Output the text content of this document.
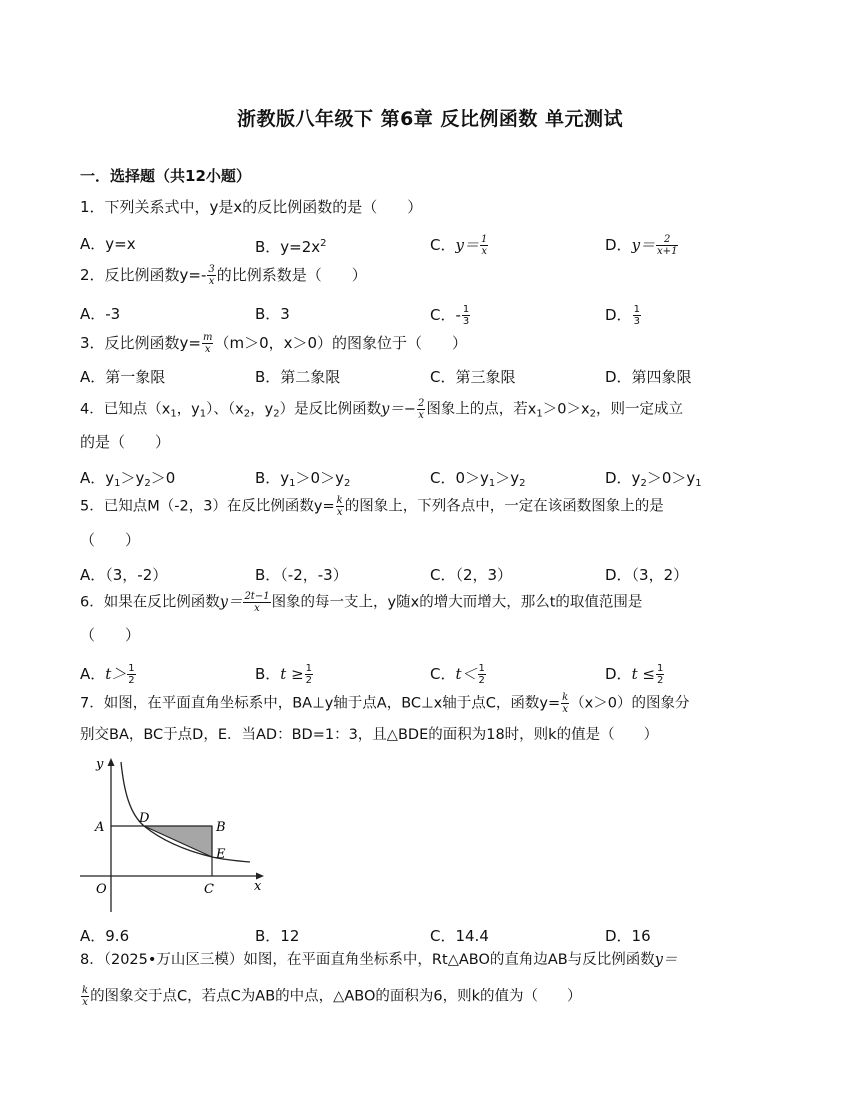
浙教版八年级下 第6章 反比例函数 单元测试
一．选择题（共12小题）
1．下列关系式中，y是x的反比例函数的是（　　）
A．y=x	B．$y=2x^2$	C．$y= \frac{1}{x}$	D．$y= \frac{2}{x+1}$
2．反比例函数$y=- \frac{3}{x}$ 的比例系数是（　　）
A．-3	B．3	C．- $\frac{1}{3}$	D． $\frac{1}{3}$
3．反比例函数$y= \frac{m}{x} (m>0$，x＞0）的图象位于（　　）
A．第一象限	B．第二象限	C．第三象限	D．第四象限
4．已知点（$x_1$，$y_1$）、（$x_2$，$y_2$）是反比例函数$y=- \frac{2}{x}$ 图象上的点，若$x_1>0>x_2$，则一定成立
的是（　　）
A．$y_1>y_2>0$	B．$y_1>0>y_2$	C．$0>y_1>y_2$	D．$y_2>0>y_1$
5．已知点M（-2，3）在反比例函数$y= \frac{k}{x}$ 的图象上，下列各点中，一定在该函数图象上的是
（　　）
A．（3，-2）	B．（-2，-3）	C．（2，3）	D．（3，2）
6．如果在反比例函数$y= \frac{2t-1}{x}$ 图象的每一支上，y随x的增大而增大，那么t的取值范围是
（　　）
A．$t> \frac{1}{2}$	B．$t \ge \frac{1}{2}$	C．$t< \frac{1}{2}$	D．$t \le \frac{1}{2}$
7．如图，在平面直角坐标系中，BA⊥y轴于点A，BC⊥x轴于点C，函数$y= \frac{k}{x} (x>0)$的图象分
别交BA，BC于点D，E．当AD：BD=1：3，且△BDE的面积为18时，则k的值是（　　）
y
x
A
D
B
E
O	C
A．9.6	B．12	C．14.4	D．16
8．（2025•万山区三模）如图，在平面直角坐标系中，Rt△ABO的直角边AB与反比例函数y＝
$\frac{k}{x}$ 的图象交于点C，若点C为AB的中点，△ABO的面积为6，则k的值为（　　）
